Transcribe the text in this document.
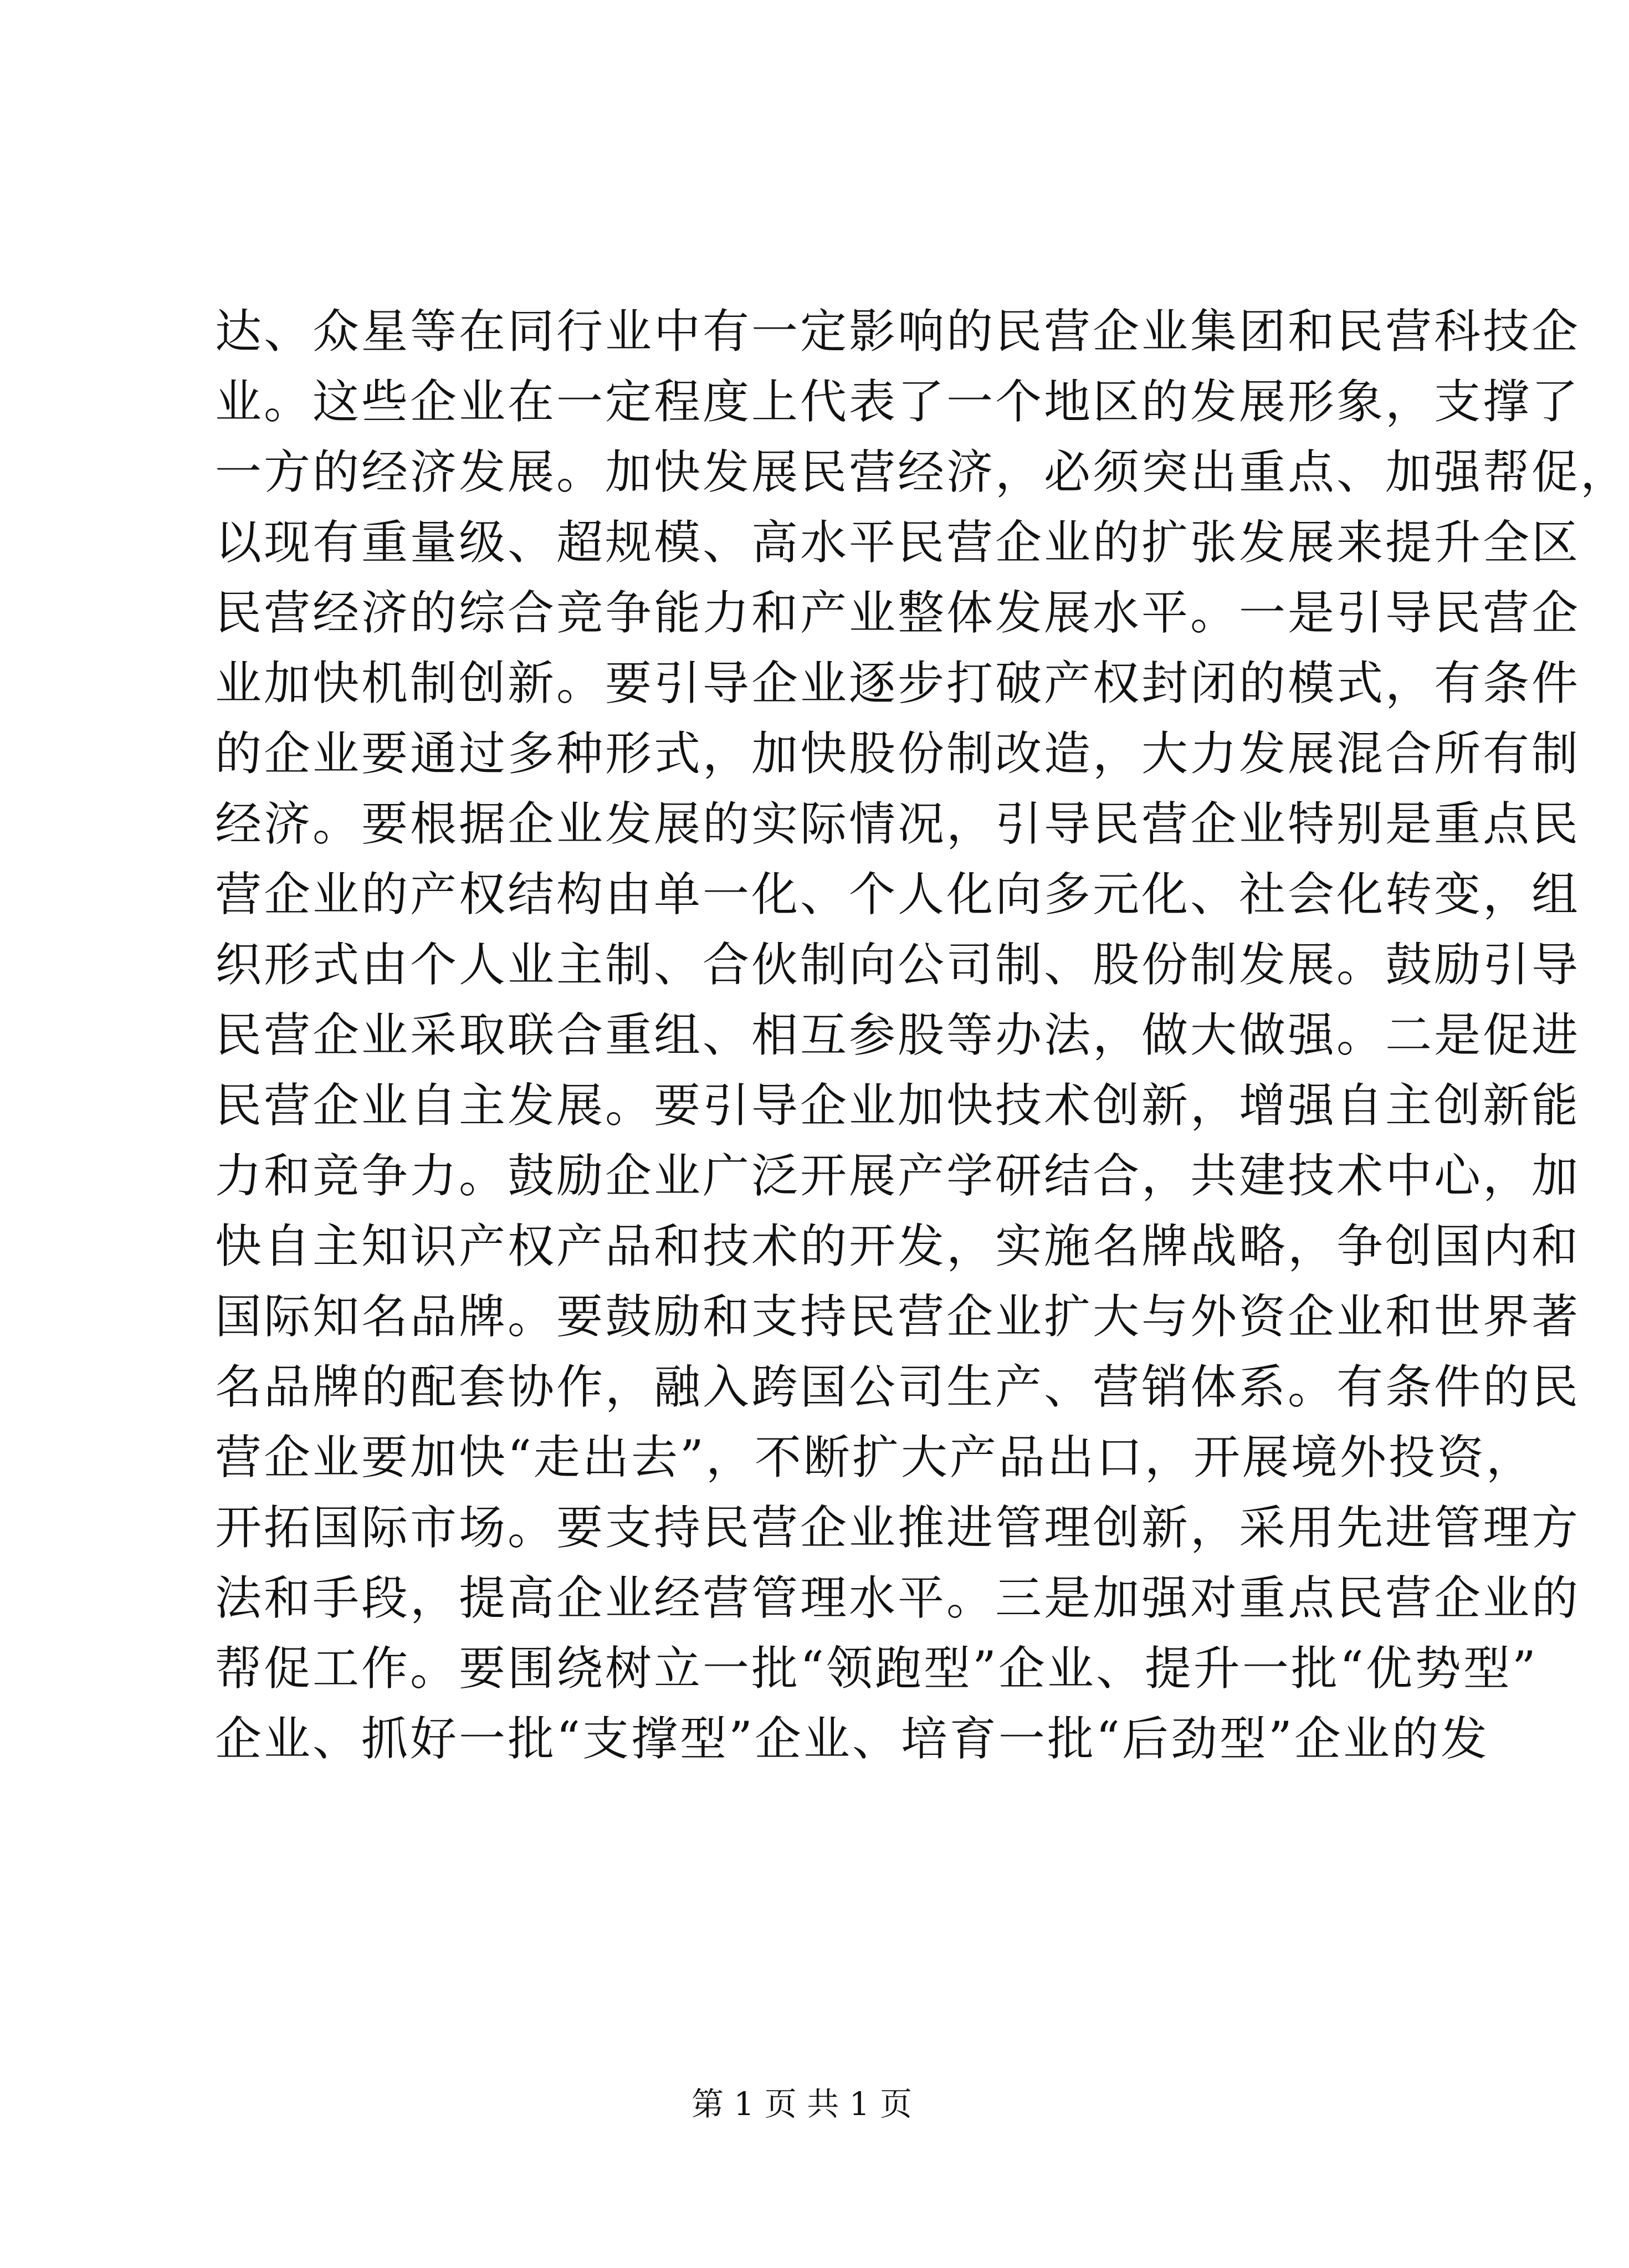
达、众星等在同行业中有一定影响的民营企业集团和民营科技企
业。这些企业在一定程度上代表了一个地区的发展形象，支撑了
一方的经济发展。加快发展民营经济，必须突出重点、加强帮促，
以现有重量级、超规模、高水平民营企业的扩张发展来提升全区
民营经济的综合竞争能力和产业整体发展水平。一是引导民营企
业加快机制创新。要引导企业逐步打破产权封闭的模式，有条件
的企业要通过多种形式，加快股份制改造，大力发展混合所有制
经济。要根据企业发展的实际情况，引导民营企业特别是重点民
营企业的产权结构由单一化、个人化向多元化、社会化转变，组
织形式由个人业主制、合伙制向公司制、股份制发展。鼓励引导
民营企业采取联合重组、相互参股等办法，做大做强。二是促进
民营企业自主发展。要引导企业加快技术创新，增强自主创新能
力和竞争力。鼓励企业广泛开展产学研结合，共建技术中心，加
快自主知识产权产品和技术的开发，实施名牌战略，争创国内和
国际知名品牌。要鼓励和支持民营企业扩大与外资企业和世界著
名品牌的配套协作，融入跨国公司生产、营销体系。有条件的民
营企业要加快“走出去”，不断扩大产品出口，开展境外投资，
开拓国际市场。要支持民营企业推进管理创新，采用先进管理方
法和手段，提高企业经营管理水平。三是加强对重点民营企业的
帮促工作。要围绕树立一批“领跑型”企业、提升一批“优势型”
企业、抓好一批“支撑型”企业、培育一批“后劲型”企业的发
第 1 页 共 1 页
